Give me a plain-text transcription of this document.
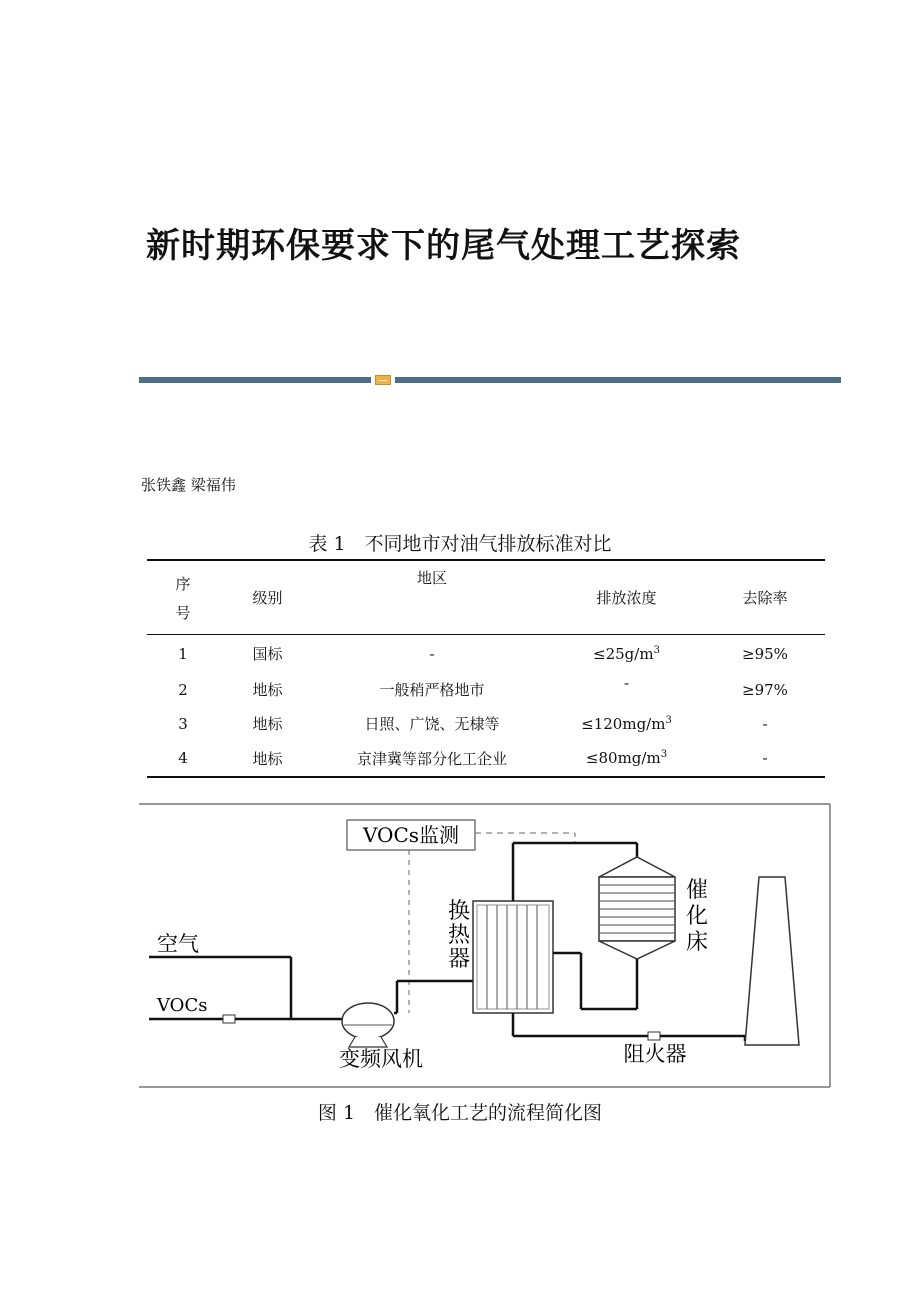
新时期环保要求下的尾气处理工艺探索
张铁鑫 梁福伟
表 1　不同地市对油气排放标准对比
序
号	级别	地区	排放浓度	去除率
1	国标	-	$\le 25g/m^3$	≥95%
2	地标	一般稍严格地市	-	≥97%
3	地标	日照、广饶、无棣等	$\le 120mg/m^3$	-
4	地标	京津冀等部分化工企业	$\le 80mg/m^3$	-
VOCs监测
空气
VOCs
变频风机
换
热
器
催
化
床
阻火器
图 1　催化氧化工艺的流程简化图
